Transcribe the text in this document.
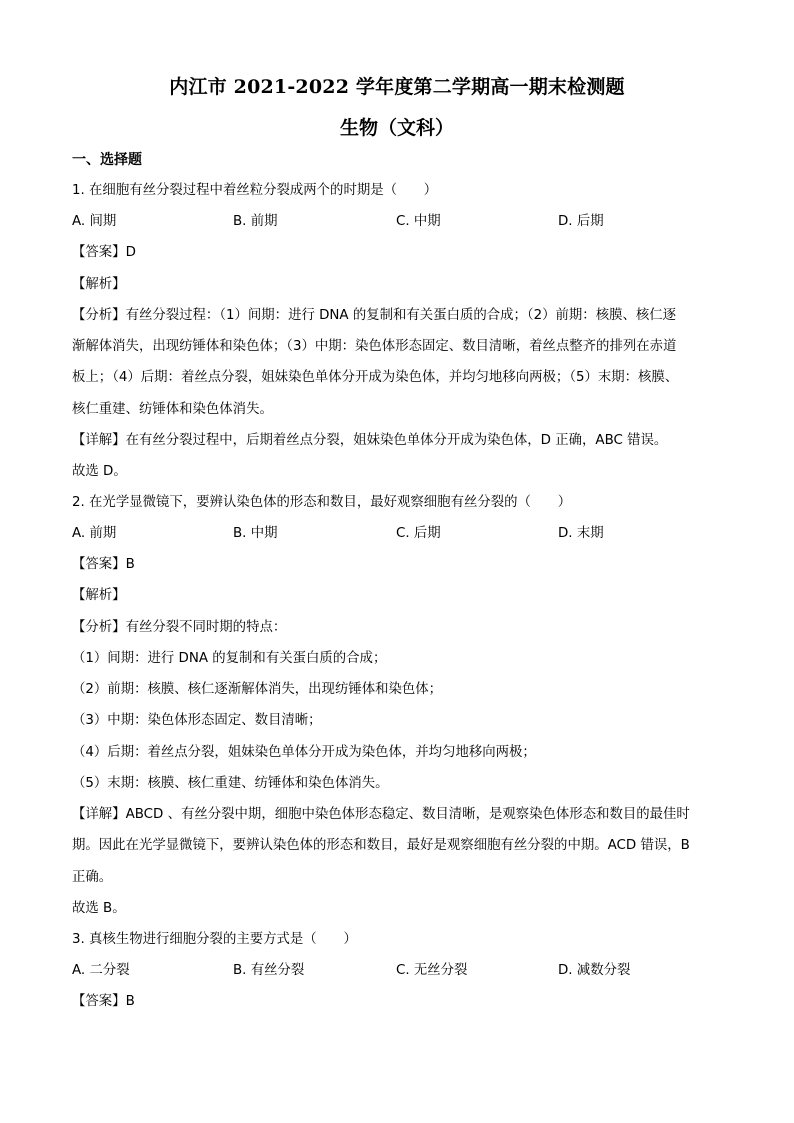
内江市 2021-2022 学年度第二学期高一期末检测题
生物（文科）
一、选择题
1. 在细胞有丝分裂过程中着丝粒分裂成两个的时期是（　　）
A. 间期	B. 前期	C. 中期	D. 后期
【答案】D
【解析】
【分析】有丝分裂过程：（1）间期：进行 DNA 的复制和有关蛋白质的合成；（2）前期：核膜、核仁逐
渐解体消失，出现纺锤体和染色体；（3）中期：染色体形态固定、数目清晰，着丝点整齐的排列在赤道
板上；（4）后期：着丝点分裂，姐妹染色单体分开成为染色体，并均匀地移向两极；（5）末期：核膜、
核仁重建、纺锤体和染色体消失。
【详解】在有丝分裂过程中，后期着丝点分裂，姐妹染色单体分开成为染色体，D 正确，ABC 错误。
故选 D。
2. 在光学显微镜下，要辨认染色体的形态和数目，最好观察细胞有丝分裂的（　　）
A. 前期	B. 中期	C. 后期	D. 末期
【答案】B
【解析】
【分析】有丝分裂不同时期的特点：
（1）间期：进行 DNA 的复制和有关蛋白质的合成；
（2）前期：核膜、核仁逐渐解体消失，出现纺锤体和染色体；
（3）中期：染色体形态固定、数目清晰；
（4）后期：着丝点分裂，姐妹染色单体分开成为染色体，并均匀地移向两极；
（5）末期：核膜、核仁重建、纺锤体和染色体消失。
【详解】ABCD 、有丝分裂中期，细胞中染色体形态稳定、数目清晰，是观察染色体形态和数目的最佳时
期。因此在光学显微镜下，要辨认染色体的形态和数目，最好是观察细胞有丝分裂的中期。ACD 错误，B
正确。
故选 B。
3. 真核生物进行细胞分裂的主要方式是（　　）
A. 二分裂	B. 有丝分裂	C. 无丝分裂	D. 减数分裂
【答案】B
